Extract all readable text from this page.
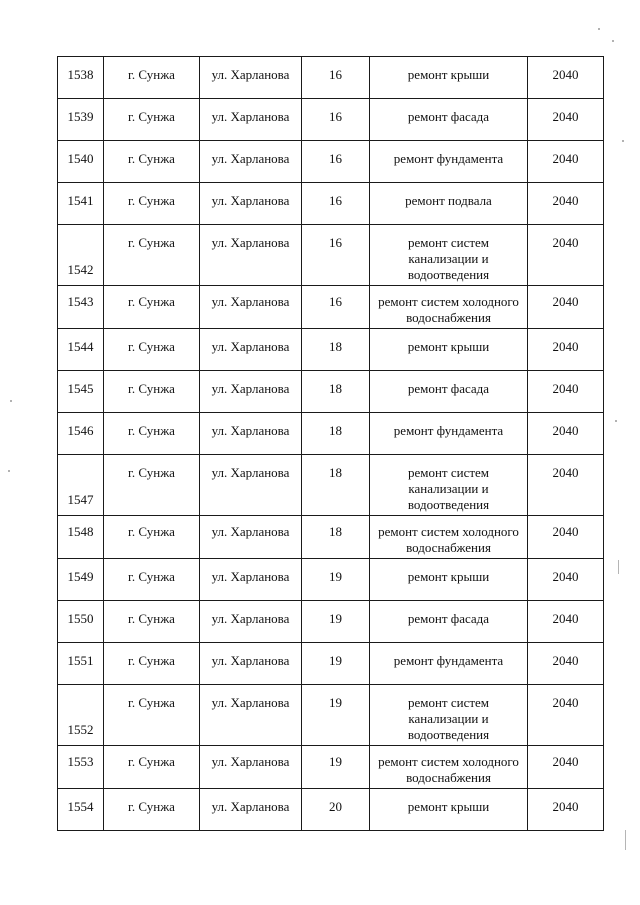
1538	г. Сунжа	ул. Харланова	16	ремонт крыши	2040
1539	г. Сунжа	ул. Харланова	16	ремонт фасада	2040
1540	г. Сунжа	ул. Харланова	16	ремонт фундамента	2040
1541	г. Сунжа	ул. Харланова	16	ремонт подвала	2040
1542	г. Сунжа	ул. Харланова	16	ремонт систем канализации и водоотведения	2040
1543	г. Сунжа	ул. Харланова	16	ремонт систем холодного водоснабжения	2040
1544	г. Сунжа	ул. Харланова	18	ремонт крыши	2040
1545	г. Сунжа	ул. Харланова	18	ремонт фасада	2040
1546	г. Сунжа	ул. Харланова	18	ремонт фундамента	2040
1547	г. Сунжа	ул. Харланова	18	ремонт систем канализации и водоотведения	2040
1548	г. Сунжа	ул. Харланова	18	ремонт систем холодного водоснабжения	2040
1549	г. Сунжа	ул. Харланова	19	ремонт крыши	2040
1550	г. Сунжа	ул. Харланова	19	ремонт фасада	2040
1551	г. Сунжа	ул. Харланова	19	ремонт фундамента	2040
1552	г. Сунжа	ул. Харланова	19	ремонт систем канализации и водоотведения	2040
1553	г. Сунжа	ул. Харланова	19	ремонт систем холодного водоснабжения	2040
1554	г. Сунжа	ул. Харланова	20	ремонт крыши	2040
